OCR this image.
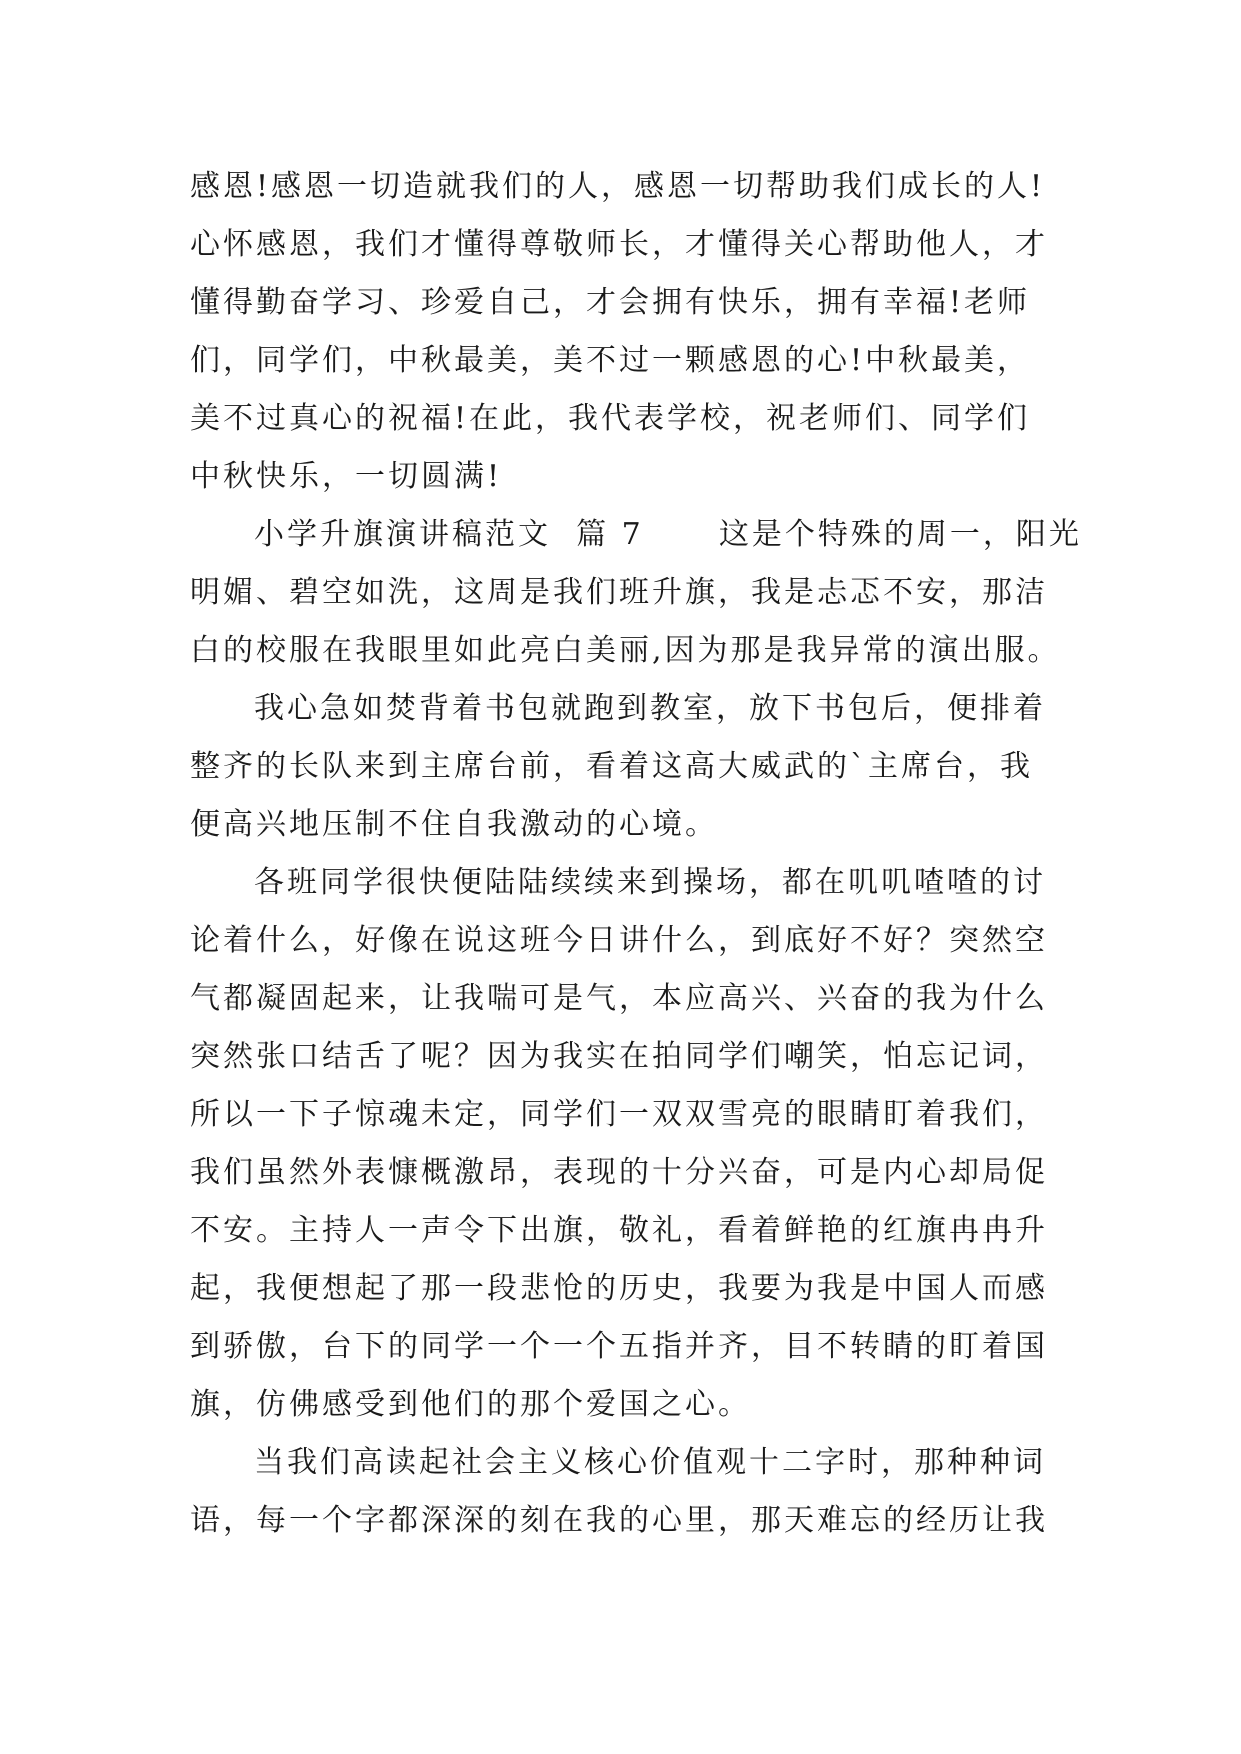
感恩!感恩一切造就我们的人，感恩一切帮助我们成长的人!
心怀感恩，我们才懂得尊敬师长，才懂得关心帮助他人，才
懂得勤奋学习、珍爱自己，才会拥有快乐，拥有幸福!老师
们，同学们，中秋最美，美不过一颗感恩的心!中秋最美，
美不过真心的祝福!在此，我代表学校，祝老师们、同学们
中秋快乐，一切圆满!
小学升旗演讲稿范文  篇 7      这是个特殊的周一，阳光
明媚、碧空如洗，这周是我们班升旗，我是忐忑不安，那洁
白的校服在我眼里如此亮白美丽,因为那是我异常的演出服。
我心急如焚背着书包就跑到教室，放下书包后，便排着
整齐的长队来到主席台前，看着这高大威武的`主席台，我
便高兴地压制不住自我激动的心境。
各班同学很快便陆陆续续来到操场，都在叽叽喳喳的讨
论着什么，好像在说这班今日讲什么，到底好不好？突然空
气都凝固起来，让我喘可是气，本应高兴、兴奋的我为什么
突然张口结舌了呢？因为我实在拍同学们嘲笑，怕忘记词，
所以一下子惊魂未定，同学们一双双雪亮的眼睛盯着我们，
我们虽然外表慷概激昂，表现的十分兴奋，可是内心却局促
不安。主持人一声令下出旗，敬礼，看着鲜艳的红旗冉冉升
起，我便想起了那一段悲怆的历史，我要为我是中国人而感
到骄傲，台下的同学一个一个五指并齐，目不转睛的盯着国
旗，仿佛感受到他们的那个爱国之心。
当我们高读起社会主义核心价值观十二字时，那种种词
语，每一个字都深深的刻在我的心里，那天难忘的经历让我
